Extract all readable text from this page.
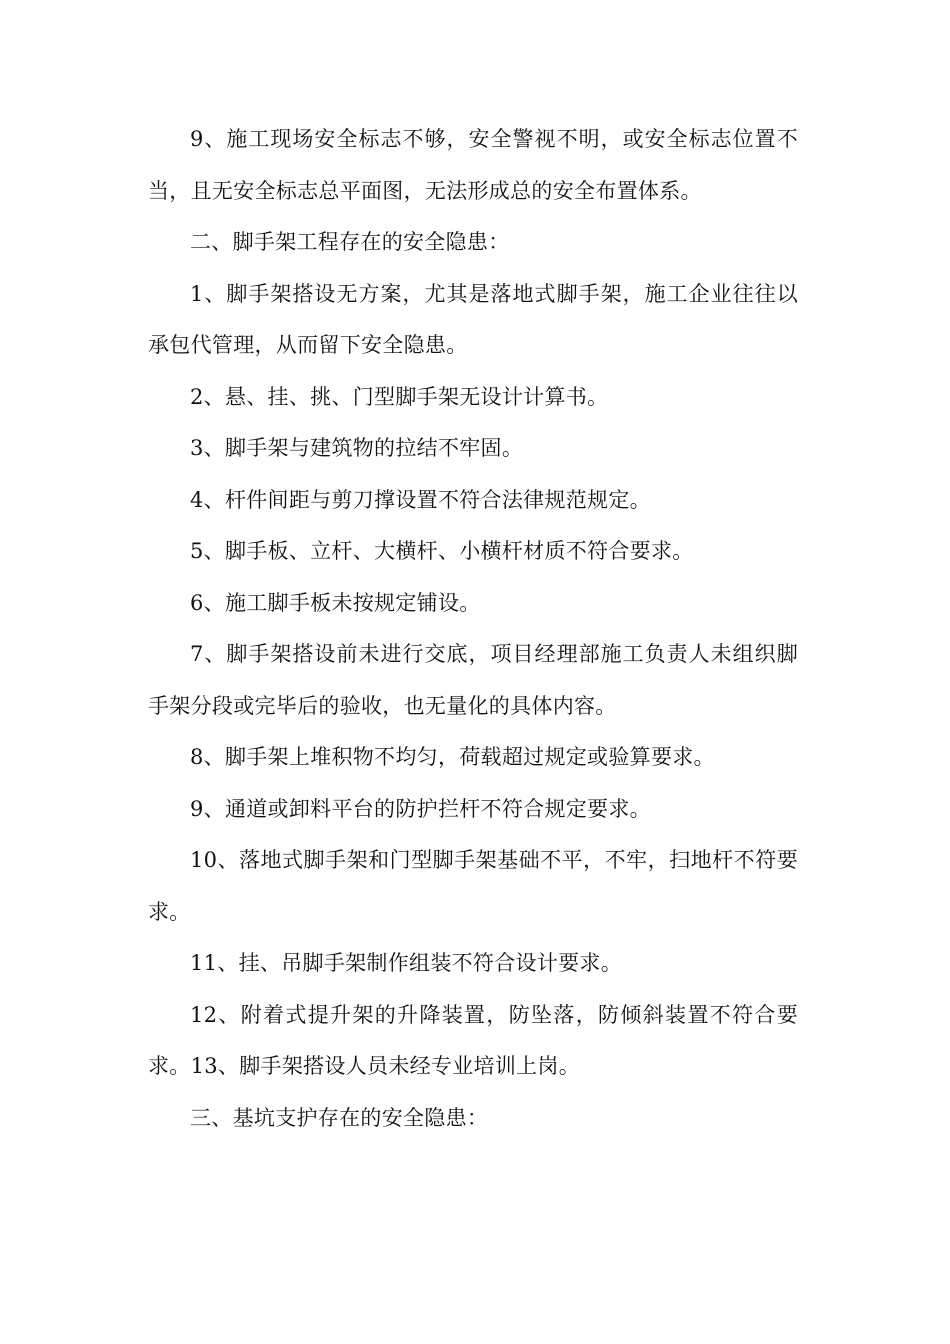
9、施工现场安全标志不够，安全警视不明，或安全标志位置不当，且无安全标志总平面图，无法形成总的安全布置体系。

二、脚手架工程存在的安全隐患：

1、脚手架搭设无方案，尤其是落地式脚手架，施工企业往往以承包代管理，从而留下安全隐患。

2、悬、挂、挑、门型脚手架无设计计算书。

3、脚手架与建筑物的拉结不牢固。

4、杆件间距与剪刀撑设置不符合法律规范规定。

5、脚手板、立杆、大横杆、小横杆材质不符合要求。

6、施工脚手板未按规定铺设。

7、脚手架搭设前未进行交底，项目经理部施工负责人未组织脚手架分段或完毕后的验收，也无量化的具体内容。

8、脚手架上堆积物不均匀，荷载超过规定或验算要求。

9、通道或卸料平台的防护拦杆不符合规定要求。

10、落地式脚手架和门型脚手架基础不平，不牢，扫地杆不符要求。

11、挂、吊脚手架制作组装不符合设计要求。

12、附着式提升架的升降装置，防坠落，防倾斜装置不符合要求。13、脚手架搭设人员未经专业培训上岗。

三、基坑支护存在的安全隐患：
